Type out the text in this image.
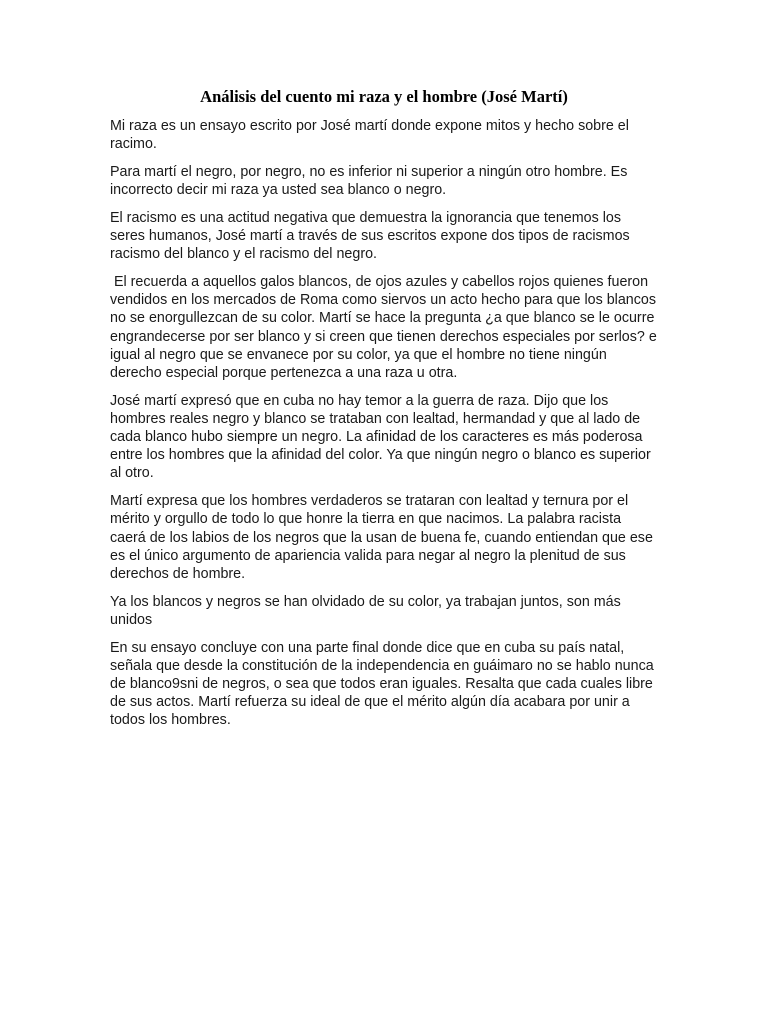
Análisis del cuento mi raza y el hombre (José Martí)

Mi raza es un ensayo escrito por José martí donde expone mitos y hecho sobre el racimo.

Para martí el negro, por negro, no es inferior ni superior a ningún otro hombre. Es incorrecto decir mi raza ya usted sea blanco o negro.

El racismo es una actitud negativa que demuestra la ignorancia que tenemos los seres humanos, José martí a través de sus escritos expone dos tipos de racismos racismo del blanco y el racismo del negro.

El recuerda a aquellos galos blancos, de ojos azules y cabellos rojos quienes fueron vendidos en los mercados de Roma como siervos un acto hecho para que los blancos no se enorgullezcan de su color. Martí se hace la pregunta ¿a que blanco se le ocurre engrandecerse por ser blanco y si creen que tienen derechos especiales por serlos? e igual al negro que se envanece por su color, ya que el hombre no tiene ningún derecho especial porque pertenezca a una raza u otra.

José martí expresó que en cuba no hay temor a la guerra de raza. Dijo que los hombres reales negro y blanco se trataban con lealtad, hermandad y que al lado de cada blanco hubo siempre un negro. La afinidad de los caracteres es más poderosa entre los hombres que la afinidad del color. Ya que ningún negro o blanco es superior al otro.

Martí expresa que los hombres verdaderos se trataran con lealtad y ternura por el mérito y orgullo de todo lo que honre la tierra en que nacimos. La palabra racista caerá de los labios de los negros que la usan de buena fe, cuando entiendan que ese es el único argumento de apariencia valida para negar al negro la plenitud de sus derechos de hombre.

Ya los blancos y negros se han olvidado de su color, ya trabajan juntos, son más unidos

En su ensayo concluye con una parte final donde dice que en cuba su país natal, señala que desde la constitución de la independencia en guáimaro no se hablo nunca de blanco9sni de negros, o sea que todos eran iguales. Resalta que cada cuales libre de sus actos. Martí refuerza su ideal de que el mérito algún día acabara por unir a todos los hombres.
